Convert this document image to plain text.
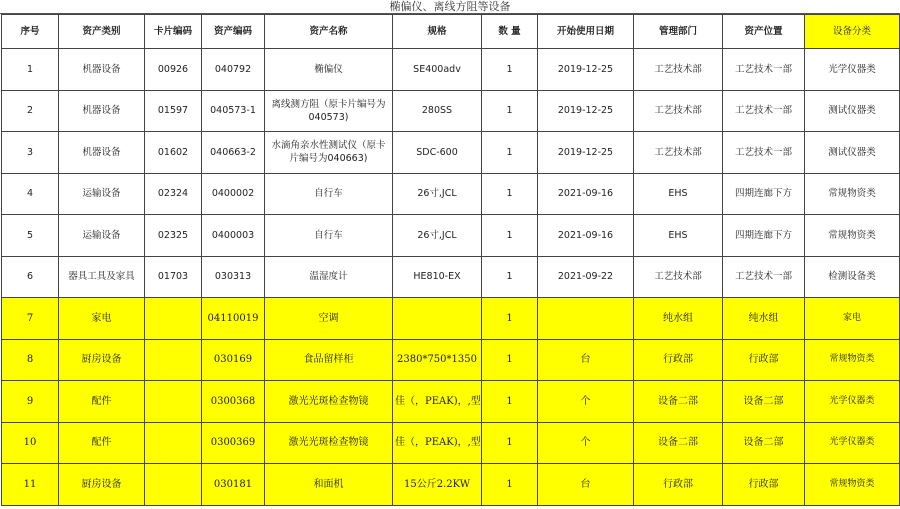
椭偏仪、离线方阻等设备
序号	资产类别	卡片编码	资产编码	资产名称	规格	数 量	开始使用日期	管理部门	资产位置	设备分类
1	机器设备	00926	040792	椭偏仪	SE400adv	1	2019-12-25	工艺技术部	工艺技术一部	光学仪器类
2	机器设备	01597	040573-1	离线测方阻（原卡片编号为040573)	280SS	1	2019-12-25	工艺技术部	工艺技术一部	测试仪器类
3	机器设备	01602	040663-2	水滴角亲水性测试仪（原卡片编号为040663)	SDC-600	1	2019-12-25	工艺技术部	工艺技术一部	测试仪器类
4	运输设备	02324	0400002	自行车	26寸,JCL	1	2021-09-16	EHS	四期连廊下方	常规物资类
5	运输设备	02325	0400003	自行车	26寸,JCL	1	2021-09-16	EHS	四期连廊下方	常规物资类
6	器具工具及家具	01703	030313	温湿度计	HE810-EX	1	2021-09-22	工艺技术部	工艺技术一部	检测设备类
7	家电		04110019	空调		1		纯水组	纯水组	家电
8	厨房设备		030169	食品留样柜	2380*750*1350	1	台	行政部	行政部	常规物资类
9	配件		0300368	激光光斑检查物镜	佳（，PEAK)，,型	1	个	设备二部	设备二部	光学仪器类
10	配件		0300369	激光光斑检查物镜	佳（，PEAK)，,型	1	个	设备二部	设备二部	光学仪器类
11	厨房设备		030181	和面机	15公斤2.2KW	1	台	行政部	行政部	常规物资类
